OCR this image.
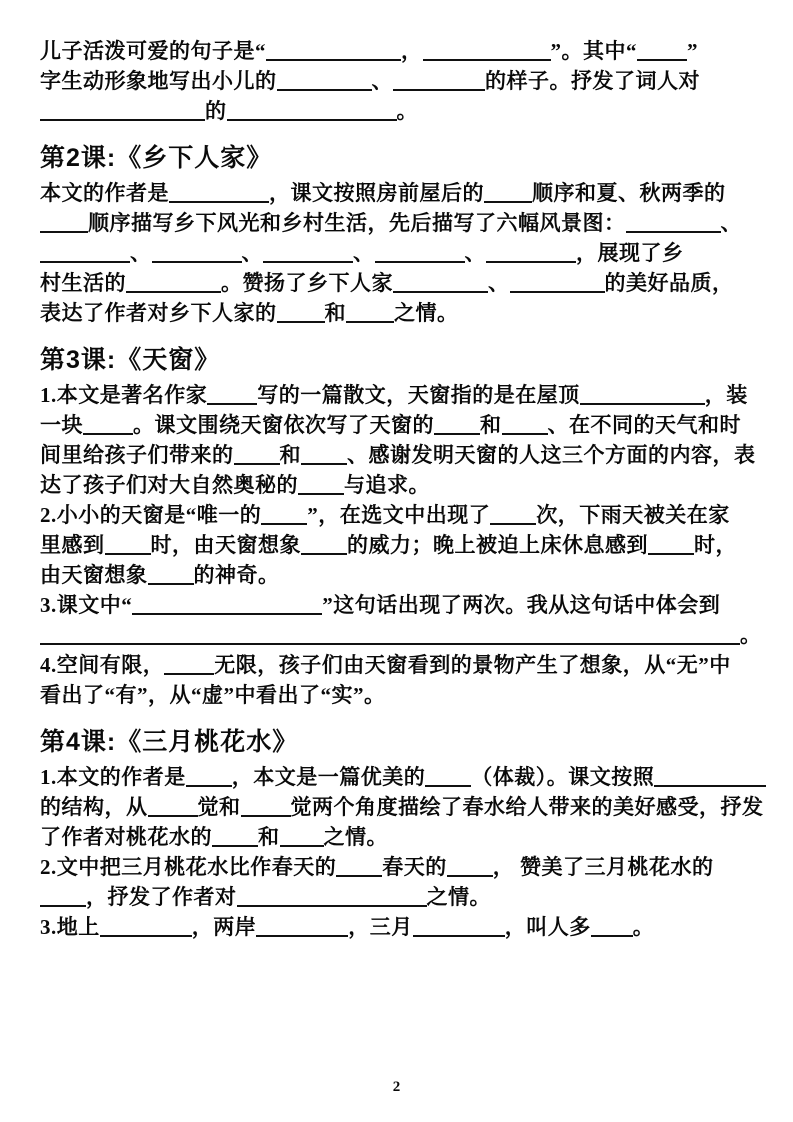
儿子活泼可爱的句子是“	，	”。其中“ ”
字生动形象地写出小儿的	、	的样子。抒发了词人对
的	。
第2课:《乡下人家》
本文的作者是	，课文按照房前屋后的 顺序和夏、秋两季的
顺序描写乡下风光和乡村生活，先后描写了六幅风景图：	、
、	、	、	、	，展现了乡
村生活的	。赞扬了乡下人家	、	的美好品质，
表达了作者对乡下人家的 和 之情。
第3课:《天窗》
1.本文是著名作家 写的一篇散文，天窗指的是在屋顶	，装
一块 。课文围绕天窗依次写了天窗的 和 、在不同的天气和时
间里给孩子们带来的 和 、感谢发明天窗的人这三个方面的内容，表
达了孩子们对大自然奥秘的 与追求。
2.小小的天窗是“唯一的 ”，在选文中出现了 次，下雨天被关在家
里感到 时，由天窗想象 的威力；晚上被迫上床休息感到 时，
由天窗想象 的神奇。
3.课文中“	”这句话出现了两次。我从这句话中体会到
。
4.空间有限， 无限，孩子们由天窗看到的景物产生了想象，从“无”中
看出了“有”，从“虚”中看出了“实”。
第4课:《三月桃花水》
1.本文的作者是 ，本文是一篇优美的 （体裁）。课文按照
的结构，从 觉和 觉两个角度描绘了春水给人带来的美好感受，抒发
了作者对桃花水的 和 之情。
2.文中把三月桃花水比作春天的 春天的 ， 赞美了三月桃花水的
，抒发了作者对	之情。
3.地上	，两岸	，三月	，叫人多 。
2
